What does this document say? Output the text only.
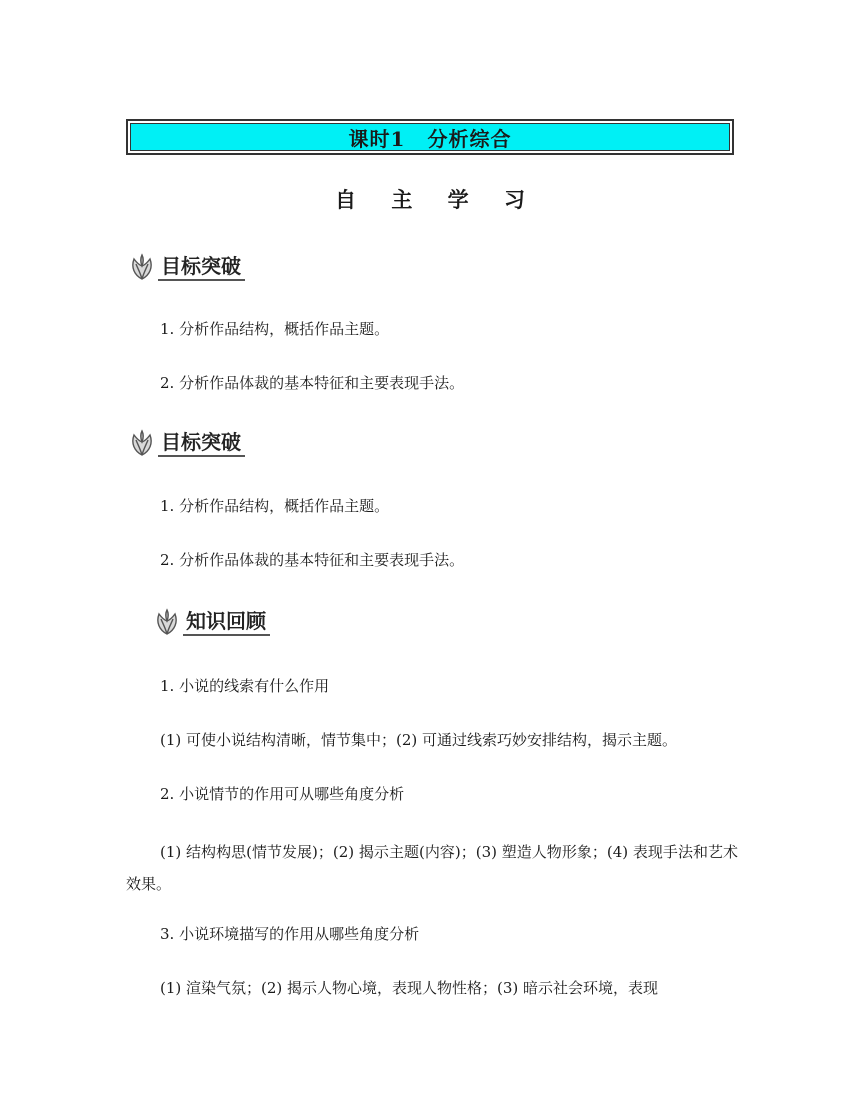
课时1 分析综合
自 主 学 习
目标突破
1. 分析作品结构，概括作品主题。
2. 分析作品体裁的基本特征和主要表现手法。
目标突破
1. 分析作品结构，概括作品主题。
2. 分析作品体裁的基本特征和主要表现手法。
知识回顾
1. 小说的线索有什么作用
(1) 可使小说结构清晰，情节集中；(2) 可通过线索巧妙安排结构，揭示主题。
2. 小说情节的作用可从哪些角度分析
(1) 结构构思(情节发展)；(2) 揭示主题(内容)；(3) 塑造人物形象；(4) 表现手法和艺术效果。
3. 小说环境描写的作用从哪些角度分析
(1) 渲染气氛；(2) 揭示人物心境，表现人物性格；(3) 暗示社会环境，表现
